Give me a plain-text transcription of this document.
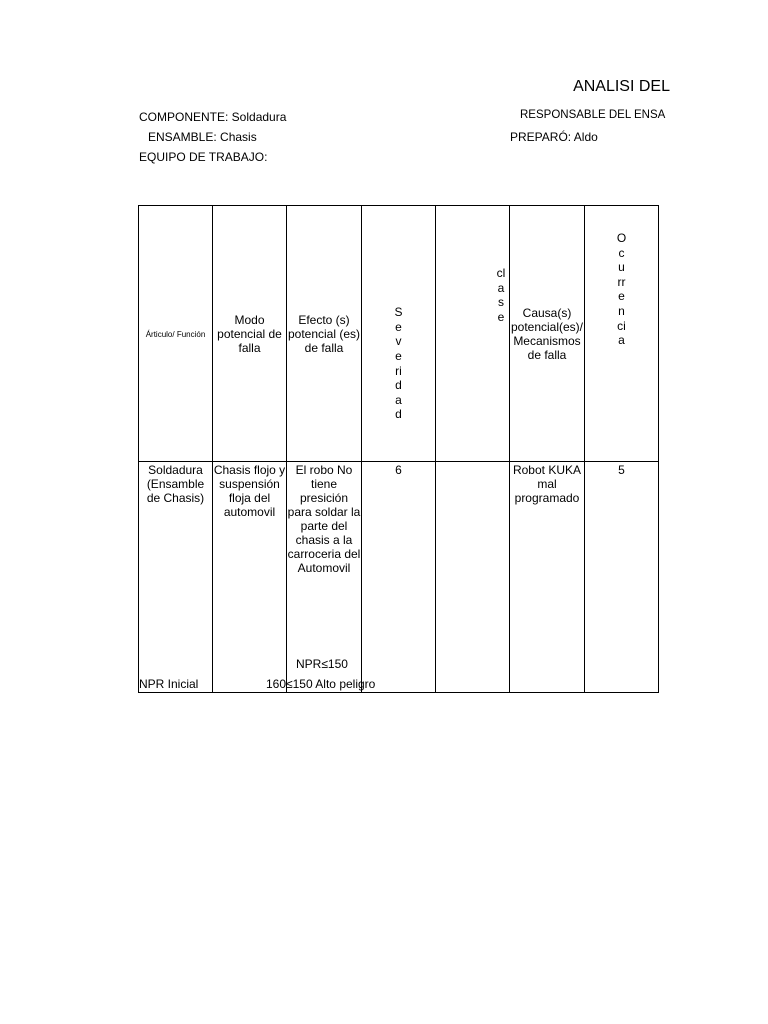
ANALISI DEL
COMPONENTE: Soldadura
ENSAMBLE: Chasis
EQUIPO DE TRABAJO:
RESPONSABLE DEL ENSA
PREPARÓ: Aldo
Árticulo/ Función	Modo potencial de falla	Efecto (s) potencial (es) de falla	Severidad	clase	Causa(s) potencial(es)/ Mecanismos de falla	Ocurrencia

Soldadura (Ensamble de Chasis)	Chasis flojo y suspensión floja del automovil	El robo No tiene presición para soldar la parte del chasis a la carroceria del Automovil	6		Robot KUKA mal programado	5
NPR≤150
NPR Inicial	160≤150 Alto peligro
